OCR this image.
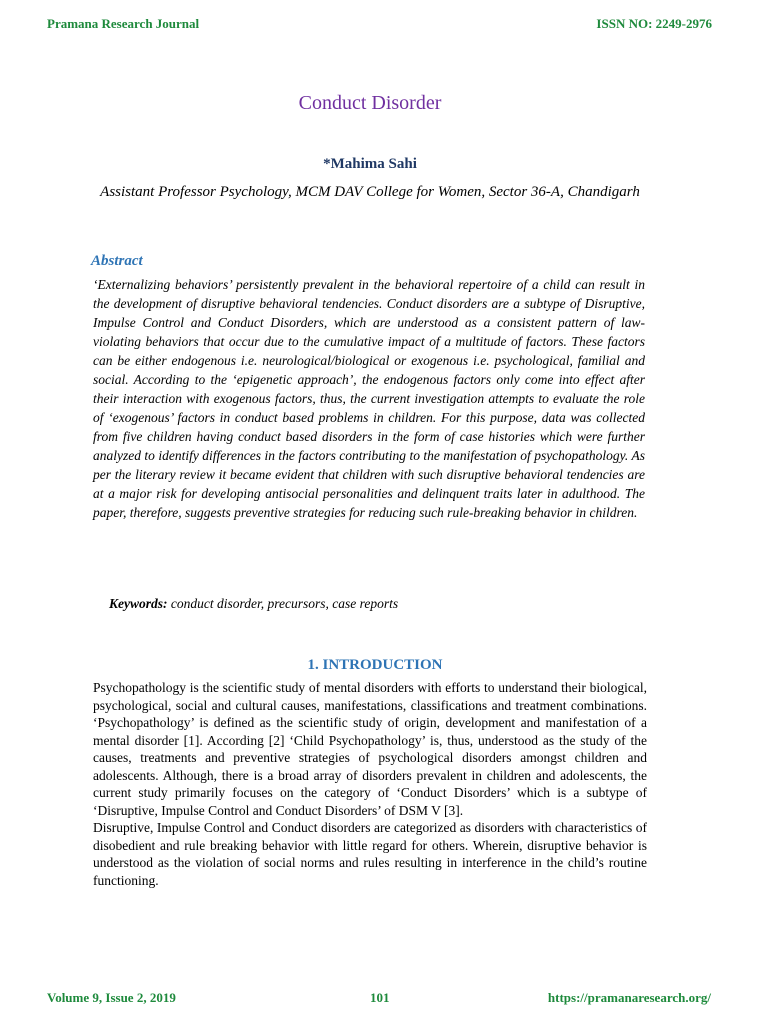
Pramana Research Journal	ISSN NO: 2249-2976
Conduct Disorder
*Mahima Sahi
Assistant Professor Psychology, MCM DAV College for Women, Sector 36-A, Chandigarh
Abstract
‘Externalizing behaviors’ persistently prevalent in the behavioral repertoire of a child can result in the development of disruptive behavioral tendencies. Conduct disorders are a subtype of Disruptive, Impulse Control and Conduct Disorders, which are understood as a consistent pattern of law-violating behaviors that occur due to the cumulative impact of a multitude of factors. These factors can be either endogenous i.e. neurological/biological or exogenous i.e. psychological, familial and social. According to the ‘epigenetic approach’, the endogenous factors only come into effect after their interaction with exogenous factors, thus, the current investigation attempts to evaluate the role of ‘exogenous’ factors in conduct based problems in children. For this purpose, data was collected from five children having conduct based disorders in the form of case histories which were further analyzed to identify differences in the factors contributing to the manifestation of psychopathology. As per the literary review it became evident that children with such disruptive behavioral tendencies are at a major risk for developing antisocial personalities and delinquent traits later in adulthood. The paper, therefore, suggests preventive strategies for reducing such rule-breaking behavior in children.
Keywords: conduct disorder, precursors, case reports
1. INTRODUCTION

Psychopathology is the scientific study of mental disorders with efforts to understand their biological, psychological, social and cultural causes, manifestations, classifications and treatment combinations. ‘Psychopathology’ is defined as the scientific study of origin, development and manifestation of a mental disorder [1]. According [2] ‘Child Psychopathology’ is, thus, understood as the study of the causes, treatments and preventive strategies of psychological disorders amongst children and adolescents. Although, there is a broad array of disorders prevalent in children and adolescents, the current study primarily focuses on the category of ‘Conduct Disorders’ which is a subtype of ‘Disruptive, Impulse Control and Conduct Disorders’ of DSM V [3].

Disruptive, Impulse Control and Conduct disorders are categorized as disorders with characteristics of disobedient and rule breaking behavior with little regard for others. Wherein, disruptive behavior is understood as the violation of social norms and rules resulting in interference in the child’s routine functioning.

Volume 9, Issue 2, 2019	101	https://pramanaresearch.org/
